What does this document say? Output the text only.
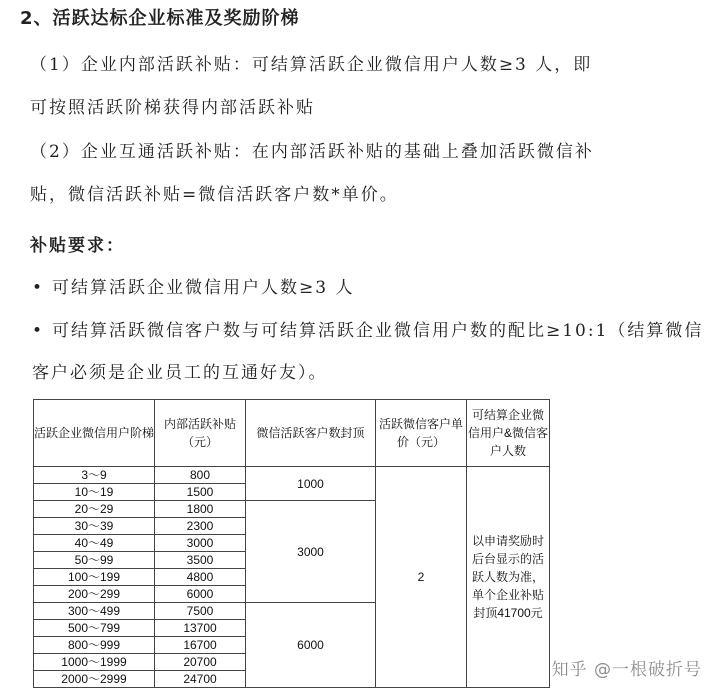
2、活跃达标企业标准及奖励阶梯
（1）企业内部活跃补贴：可结算活跃企业微信用户人数≥3 人，即
可按照活跃阶梯获得内部活跃补贴
（2）企业互通活跃补贴：在内部活跃补贴的基础上叠加活跃微信补
贴，微信活跃补贴=微信活跃客户数*单价。
补贴要求：
• 可结算活跃企业微信用户人数≥3 人
• 可结算活跃微信客户数与可结算活跃企业微信用户数的配比≥10:1（结算微信
客户必须是企业员工的互通好友）。
活跃企业微信用户阶梯	内部活跃补贴（元）	微信活跃客户数封顶	活跃微信客户单价（元）	可结算企业微信用户&微信客户人数
3～9	800	1000	2	以申请奖励时后台显示的活跃人数为准，单个企业补贴封顶41700元
10～19	1500			
20～29	1800	3000		
30～39	2300			
40～49	3000			
50～99	3500			
100～199	4800			
200～299	6000			
300～499	7500	6000		
500～799	13700			
800～999	16700			
1000～1999	20700			
2000～2999	24700				知乎 @一根破折号
